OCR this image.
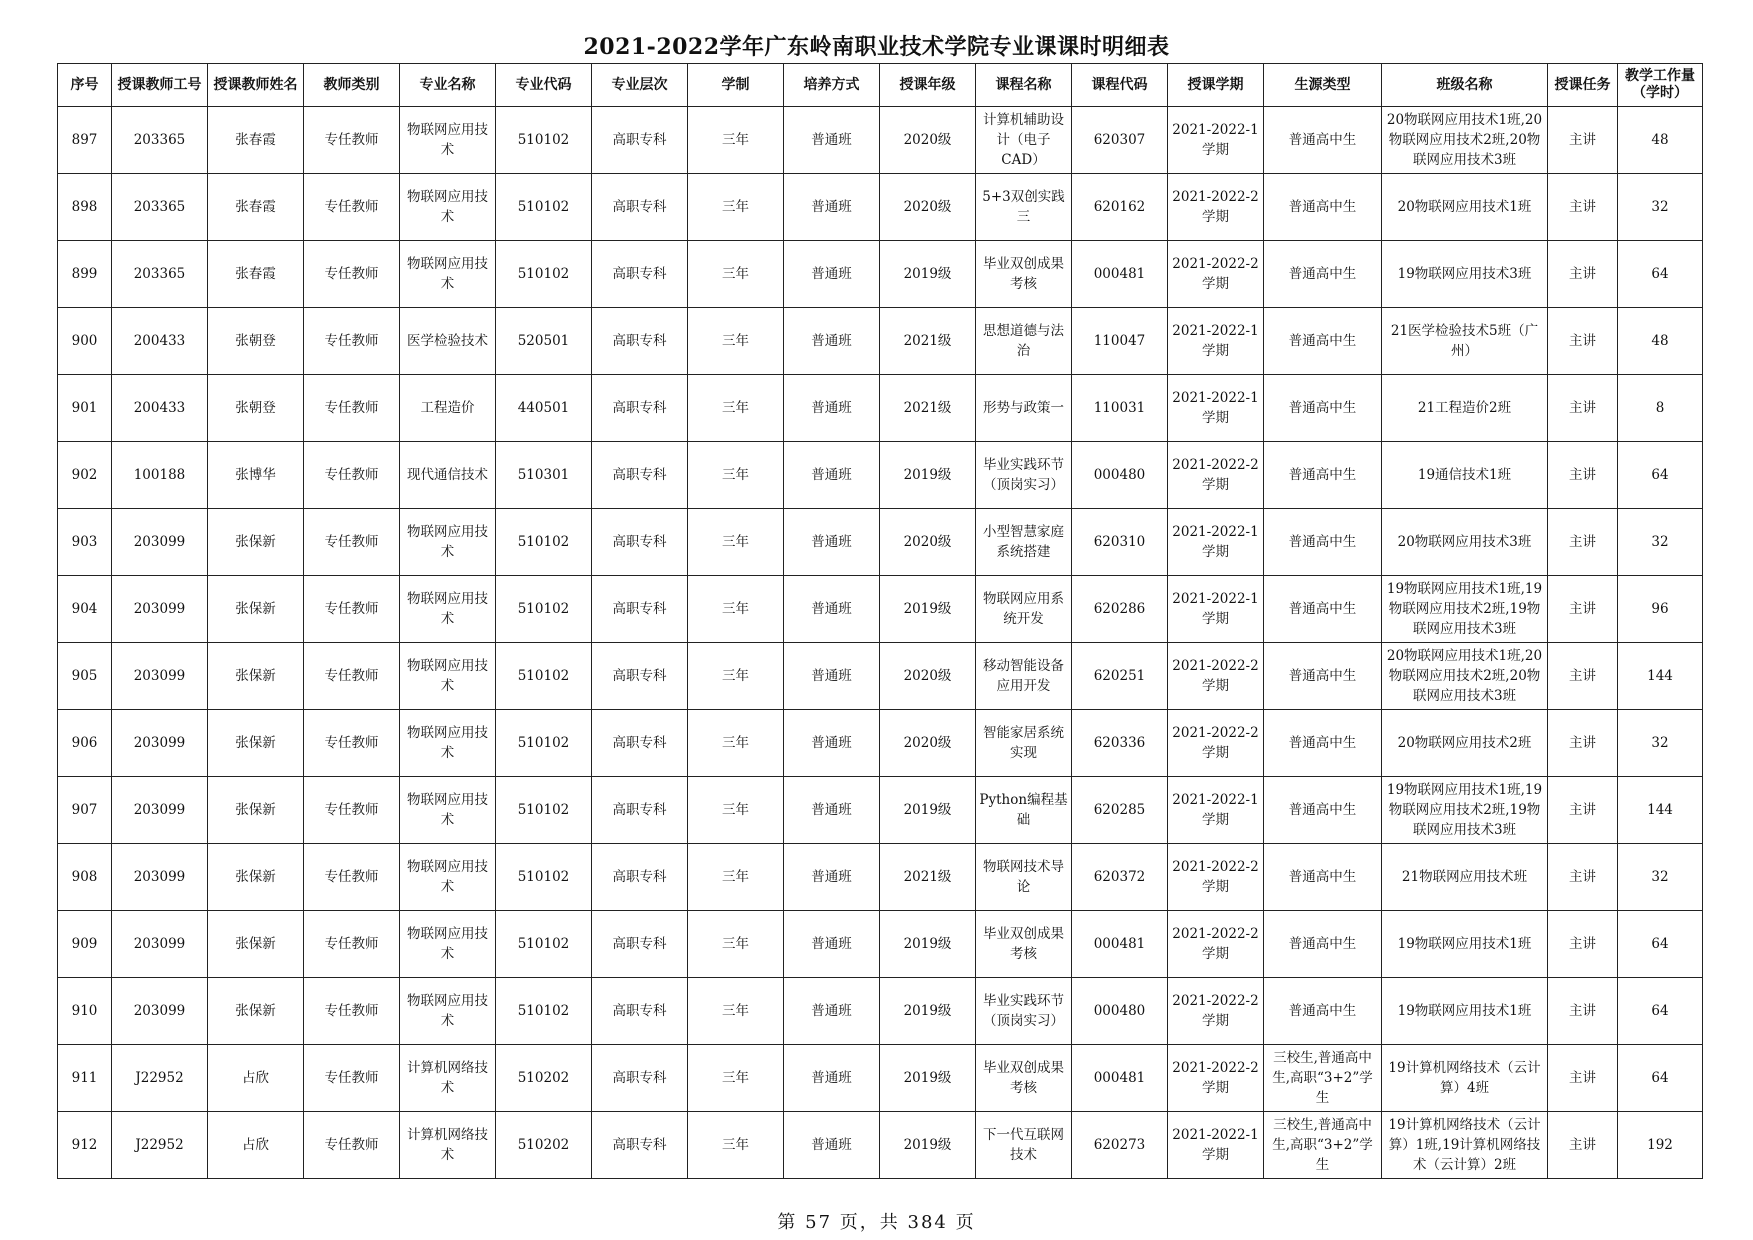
2021-2022学年广东岭南职业技术学院专业课课时明细表
序号	授课教师工号	授课教师姓名	教师类别	专业名称	专业代码	专业层次	学制	培养方式	授课年级	课程名称	课程代码	授课学期	生源类型	班级名称	授课任务	教学工作量（学时）

897	203365	张春霞	专任教师	物联网应用技术	510102	高职专科	三年	普通班	2020级	计算机辅助设计（电子CAD）	620307	2021-2022-1学期	普通高中生	20物联网应用技术1班,20物联网应用技术2班,20物联网应用技术3班	主讲	48

898	203365	张春霞	专任教师	物联网应用技术	510102	高职专科	三年	普通班	2020级	5+3双创实践三	620162	2021-2022-2学期	普通高中生	20物联网应用技术1班	主讲	32

899	203365	张春霞	专任教师	物联网应用技术	510102	高职专科	三年	普通班	2019级	毕业双创成果考核	000481	2021-2022-2学期	普通高中生	19物联网应用技术3班	主讲	64

900	200433	张朝登	专任教师	医学检验技术	520501	高职专科	三年	普通班	2021级	思想道德与法治	110047	2021-2022-1学期	普通高中生	21医学检验技术5班（广州）	主讲	48

901	200433	张朝登	专任教师	工程造价	440501	高职专科	三年	普通班	2021级	形势与政策一	110031	2021-2022-1学期	普通高中生	21工程造价2班	主讲	8

902	100188	张博华	专任教师	现代通信技术	510301	高职专科	三年	普通班	2019级	毕业实践环节（顶岗实习）	000480	2021-2022-2学期	普通高中生	19通信技术1班	主讲	64

903	203099	张保新	专任教师	物联网应用技术	510102	高职专科	三年	普通班	2020级	小型智慧家庭系统搭建	620310	2021-2022-1学期	普通高中生	20物联网应用技术3班	主讲	32

904	203099	张保新	专任教师	物联网应用技术	510102	高职专科	三年	普通班	2019级	物联网应用系统开发	620286	2021-2022-1学期	普通高中生	19物联网应用技术1班,19物联网应用技术2班,19物联网应用技术3班	主讲	96

905	203099	张保新	专任教师	物联网应用技术	510102	高职专科	三年	普通班	2020级	移动智能设备应用开发	620251	2021-2022-2学期	普通高中生	20物联网应用技术1班,20物联网应用技术2班,20物联网应用技术3班	主讲	144

906	203099	张保新	专任教师	物联网应用技术	510102	高职专科	三年	普通班	2020级	智能家居系统实现	620336	2021-2022-2学期	普通高中生	20物联网应用技术2班	主讲	32

907	203099	张保新	专任教师	物联网应用技术	510102	高职专科	三年	普通班	2019级	Python编程基础	620285	2021-2022-1学期	普通高中生	19物联网应用技术1班,19物联网应用技术2班,19物联网应用技术3班	主讲	144

908	203099	张保新	专任教师	物联网应用技术	510102	高职专科	三年	普通班	2021级	物联网技术导论	620372	2021-2022-2学期	普通高中生	21物联网应用技术班	主讲	32

909	203099	张保新	专任教师	物联网应用技术	510102	高职专科	三年	普通班	2019级	毕业双创成果考核	000481	2021-2022-2学期	普通高中生	19物联网应用技术1班	主讲	64

910	203099	张保新	专任教师	物联网应用技术	510102	高职专科	三年	普通班	2019级	毕业实践环节（顶岗实习）	000480	2021-2022-2学期	普通高中生	19物联网应用技术1班	主讲	64

911	J22952	占欣	专任教师	计算机网络技术	510202	高职专科	三年	普通班	2019级	毕业双创成果考核	000481	2021-2022-2学期	三校生,普通高中生,高职“3+2”学生	19计算机网络技术（云计算）4班	主讲	64

912	J22952	占欣	专任教师	计算机网络技术	510202	高职专科	三年	普通班	2019级	下一代互联网技术	620273	2021-2022-1学期	三校生,普通高中生,高职“3+2”学生	19计算机网络技术（云计算）1班,19计算机网络技术（云计算）2班	主讲	192
第 57 页，共 384 页
